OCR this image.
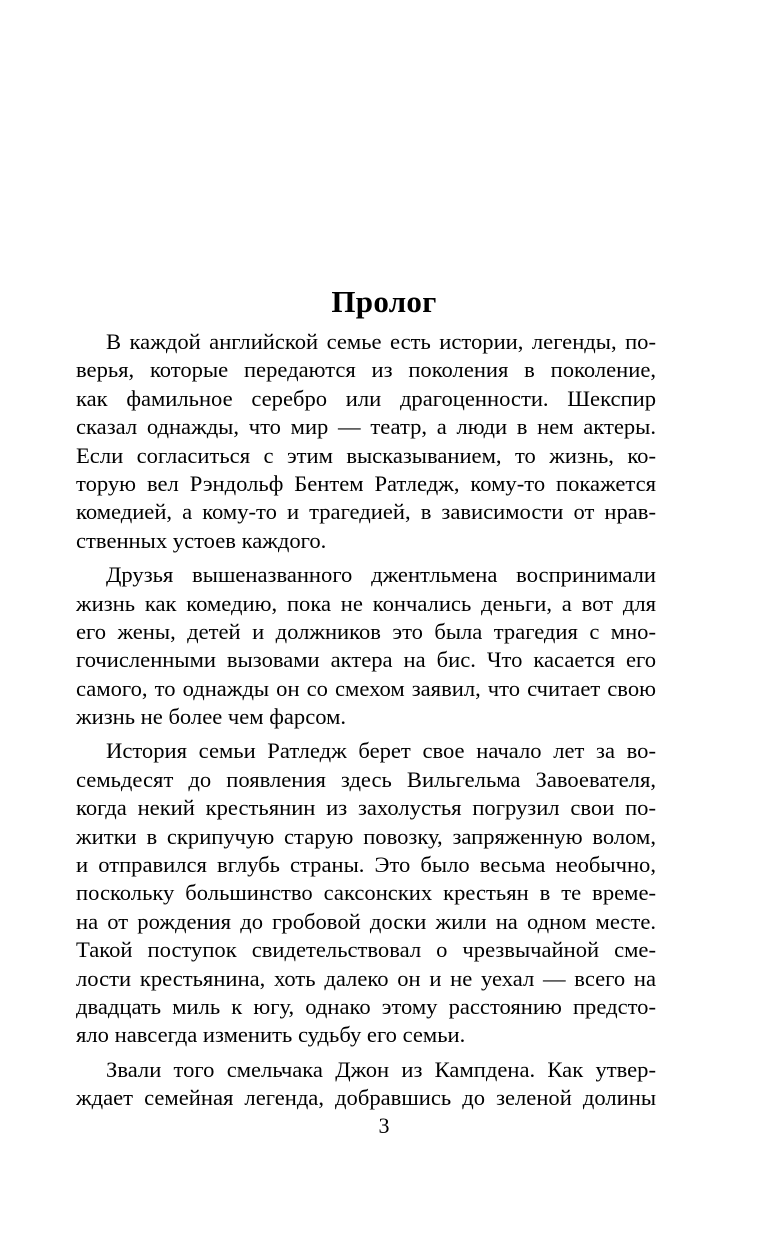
Пролог
В каждой английской семье есть истории, легенды, по-
верья, которые передаются из поколения в поколение,
как фамильное серебро или драгоценности. Шекспир
сказал однажды, что мир — театр, а люди в нем актеры.
Если согласиться с этим высказыванием, то жизнь, ко-
торую вел Рэндольф Бентем Ратледж, кому-то покажется
комедией, а кому-то и трагедией, в зависимости от нрав-
ственных устоев каждого.
Друзья вышеназванного джентльмена воспринимали
жизнь как комедию, пока не кончались деньги, а вот для
его жены, детей и должников это была трагедия с мно-
гочисленными вызовами актера на бис. Что касается его
самого, то однажды он со смехом заявил, что считает свою
жизнь не более чем фарсом.
История семьи Ратледж берет свое начало лет за во-
семьдесят до появления здесь Вильгельма Завоевателя,
когда некий крестьянин из захолустья погрузил свои по-
житки в скрипучую старую повозку, запряженную волом,
и отправился вглубь страны. Это было весьма необычно,
поскольку большинство саксонских крестьян в те време-
на от рождения до гробовой доски жили на одном месте.
Такой поступок свидетельствовал о чрезвычайной сме-
лости крестьянина, хоть далеко он и не уехал — всего на
двадцать миль к югу, однако этому расстоянию предсто-
яло навсегда изменить судьбу его семьи.
Звали того смельчака Джон из Кампдена. Как утвер-
ждает семейная легенда, добравшись до зеленой долины
3
